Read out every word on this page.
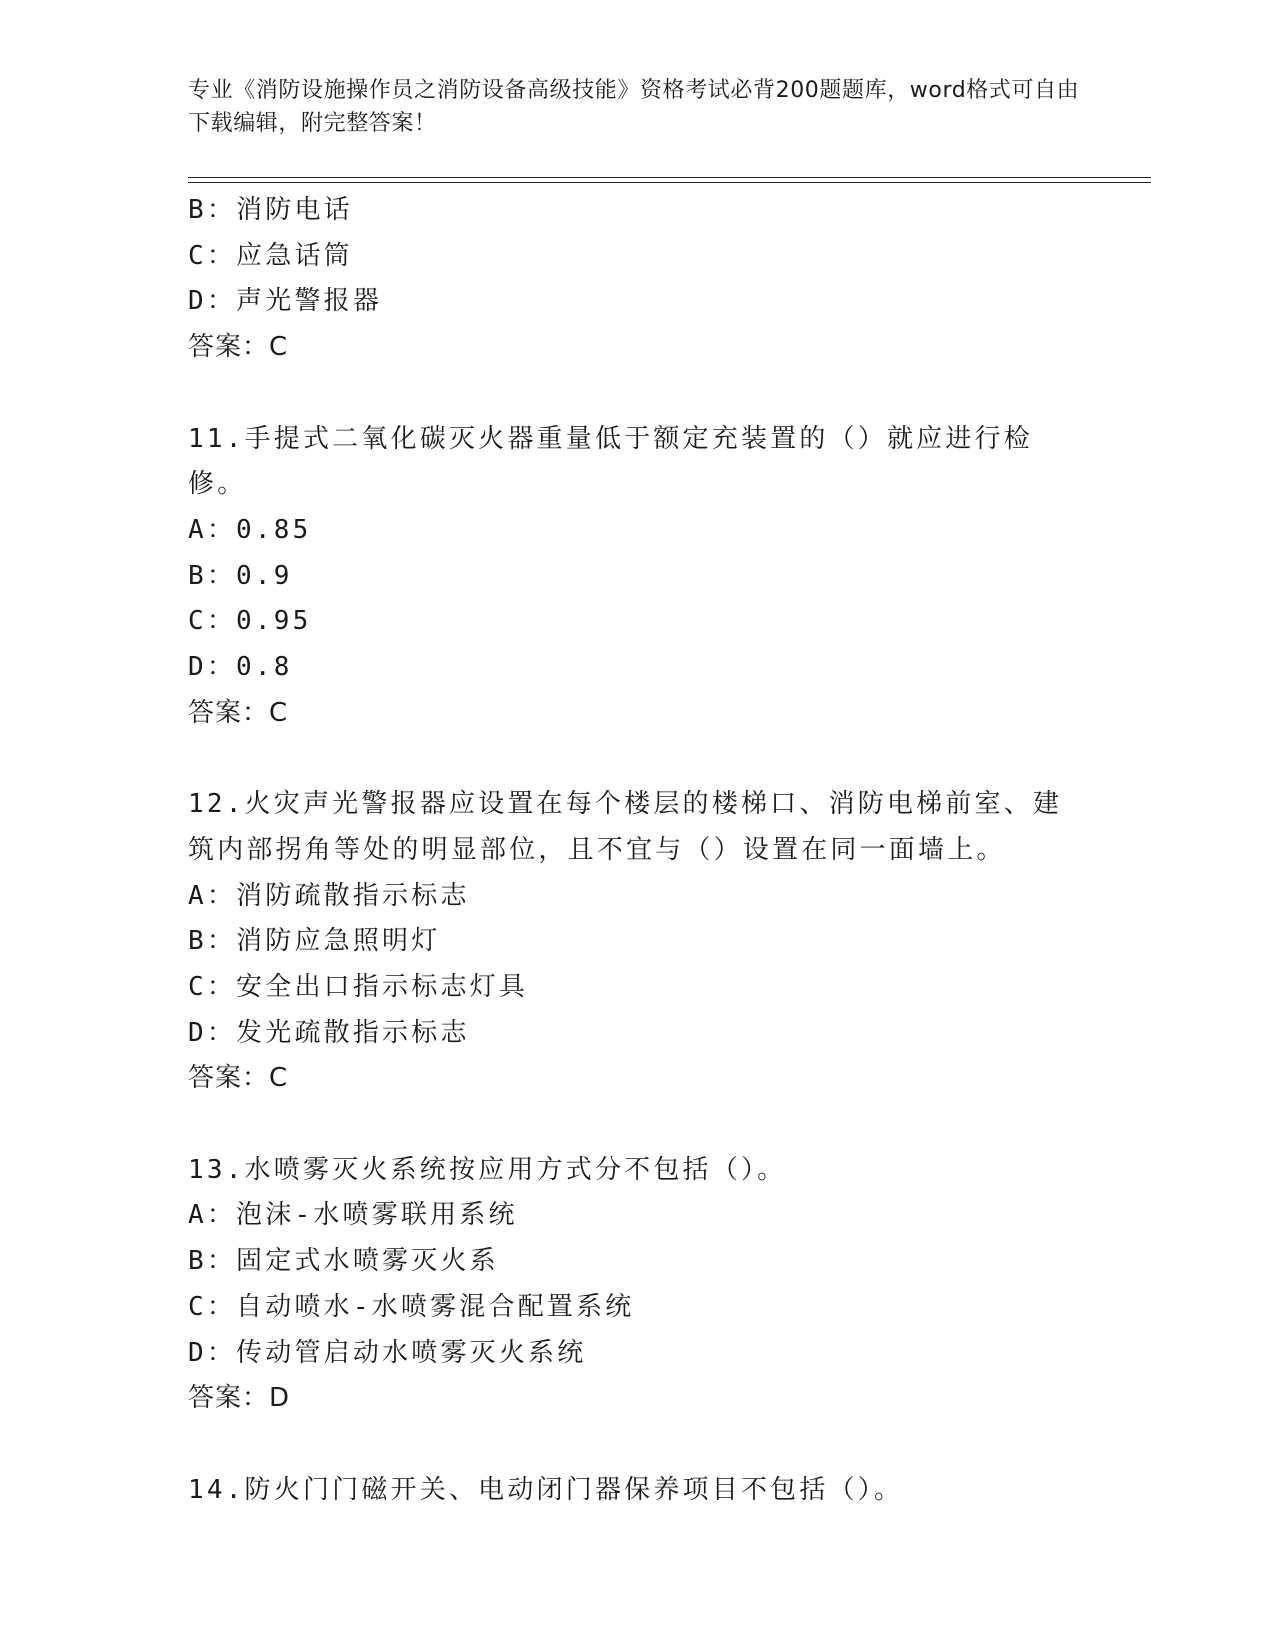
专业《消防设施操作员之消防设备高级技能》资格考试必背200题题库，word格式可自由下载编辑，附完整答案！
B：消防电话
C：应急话筒
D：声光警报器
答案：C
11.手提式二氧化碳灭火器重量低于额定充装置的（）就应进行检修。
A：0.85
B：0.9
C：0.95
D：0.8
答案：C
12.火灾声光警报器应设置在每个楼层的楼梯口、消防电梯前室、建筑内部拐角等处的明显部位，且不宜与（）设置在同一面墙上。
A：消防疏散指示标志
B：消防应急照明灯
C：安全出口指示标志灯具
D：发光疏散指示标志
答案：C
13.水喷雾灭火系统按应用方式分不包括（）。
A：泡沫-水喷雾联用系统
B：固定式水喷雾灭火系
C：自动喷水-水喷雾混合配置系统
D：传动管启动水喷雾灭火系统
答案：D
14.防火门门磁开关、电动闭门器保养项目不包括（）。
